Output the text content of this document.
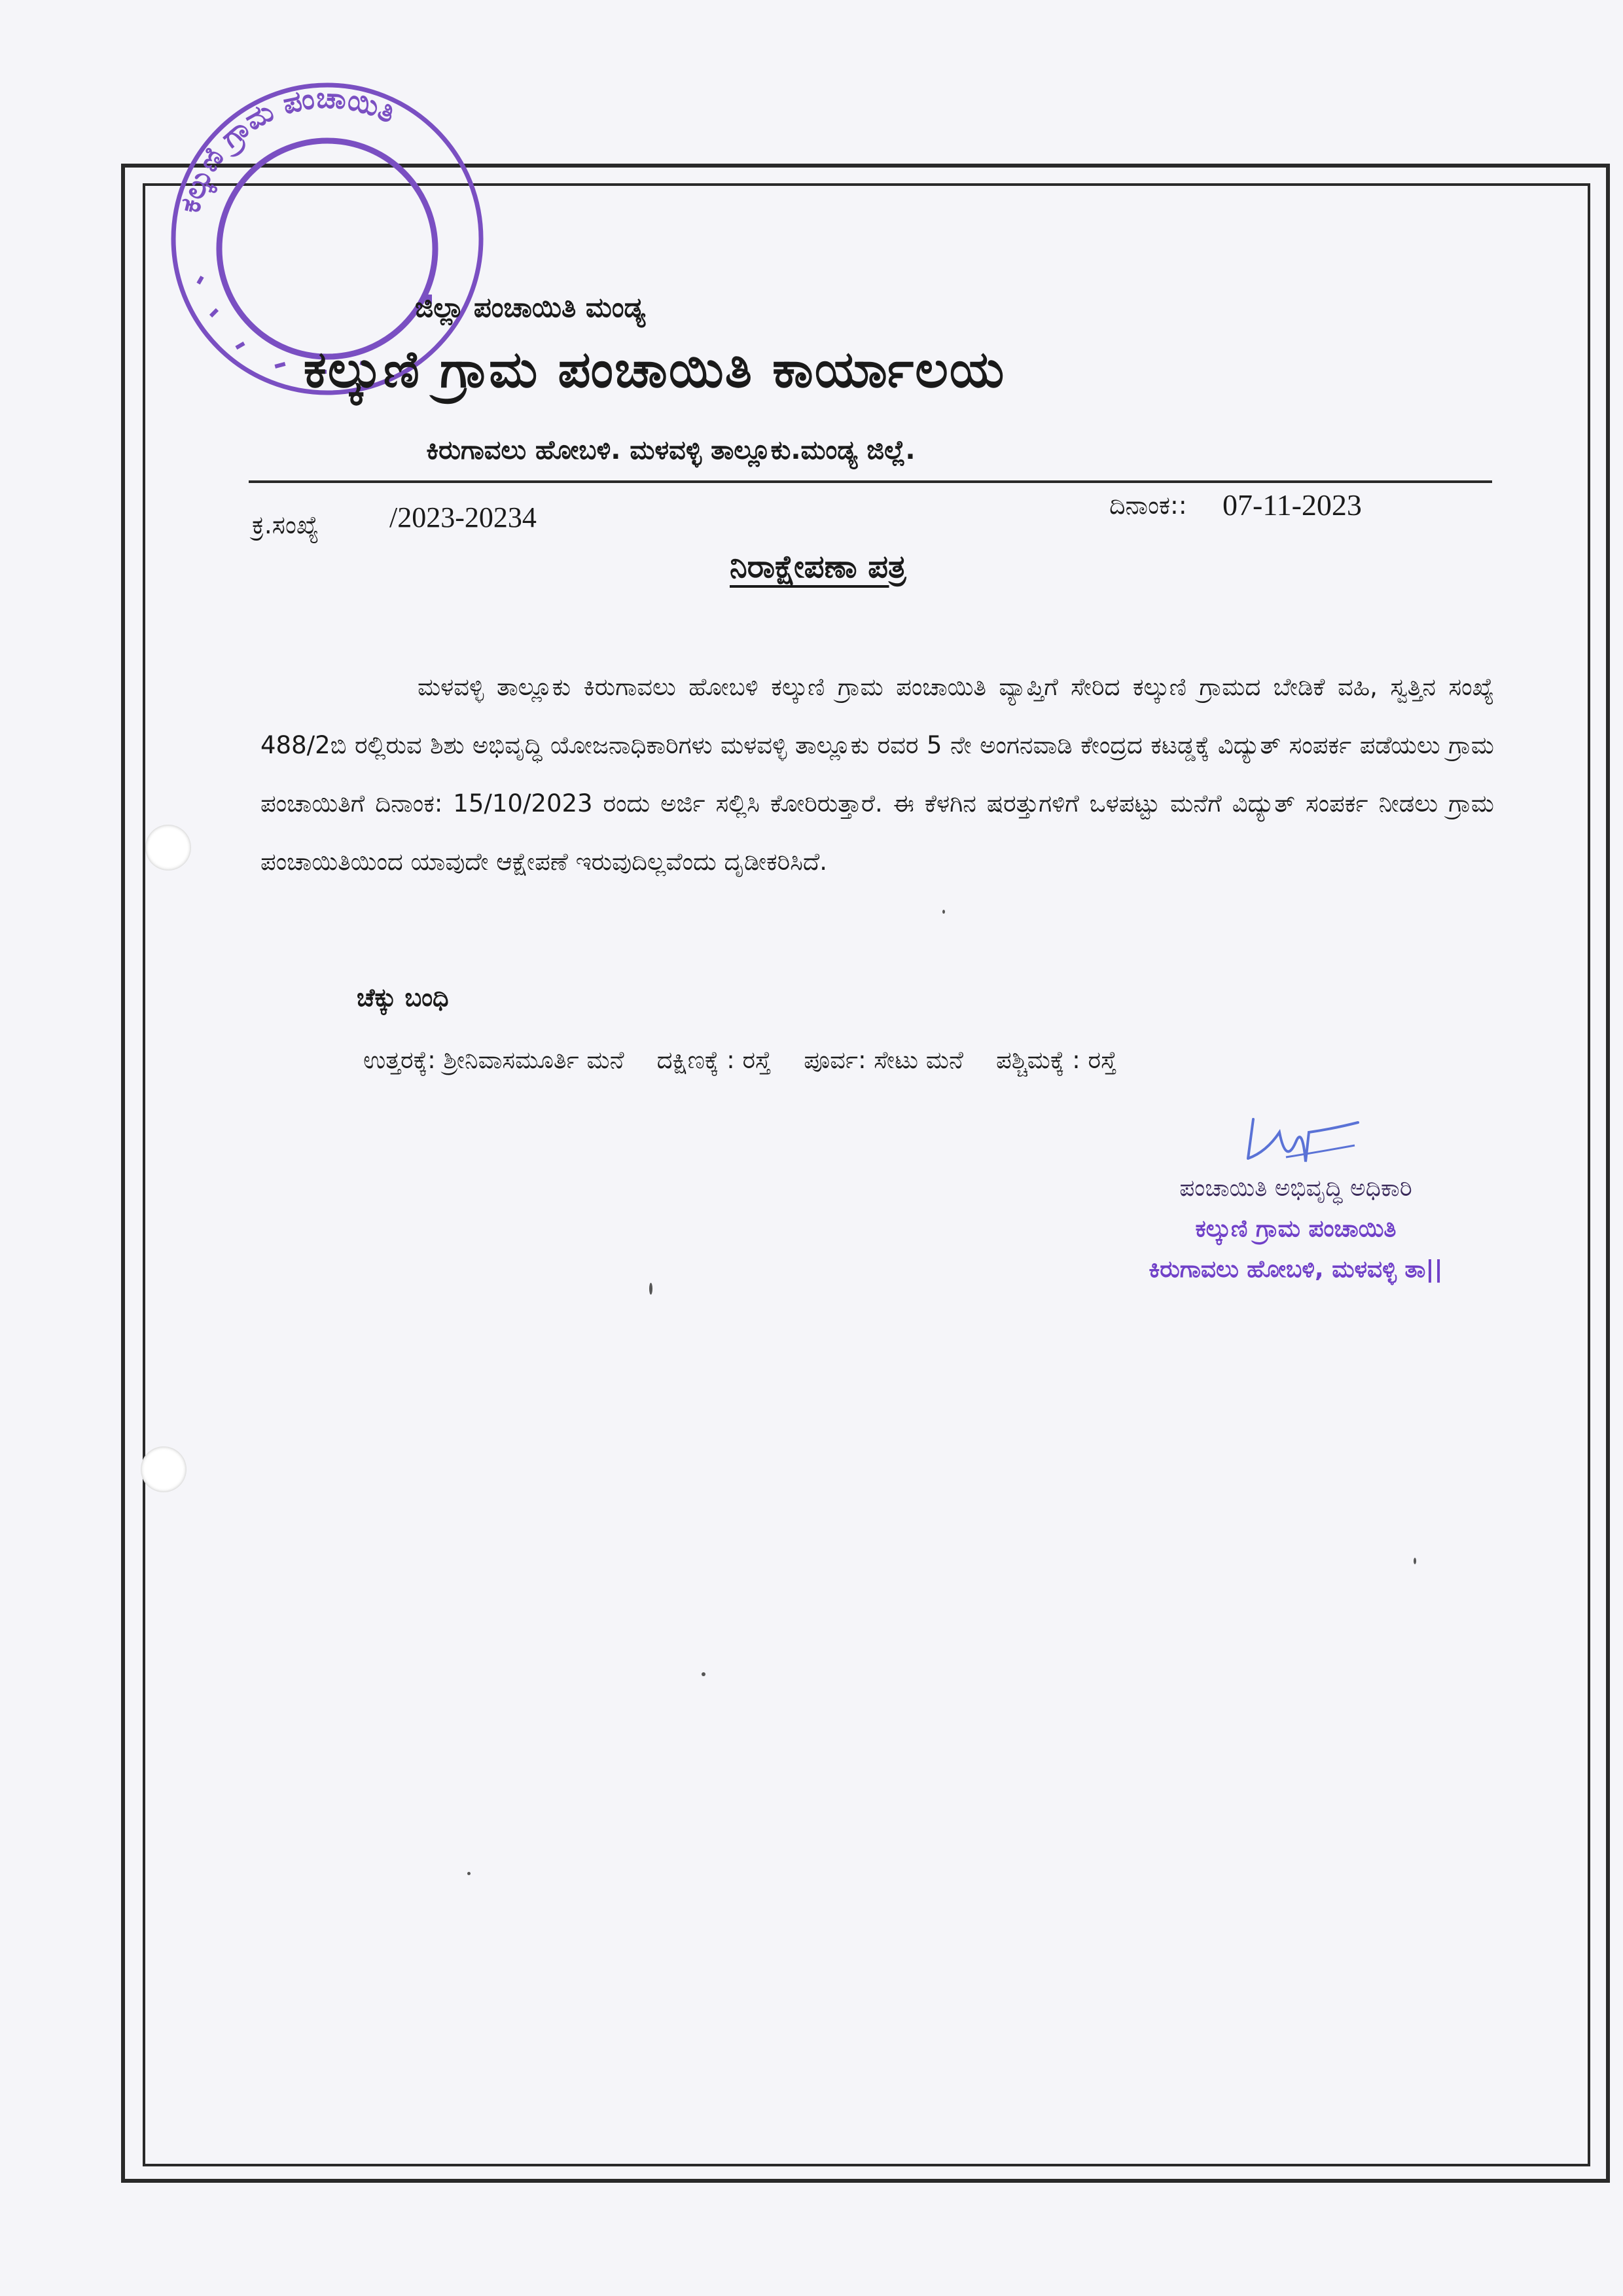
ಕಲ್ಕುಣಿ ಗ್ರಾಮ ಪಂಚಾಯಿತಿ
ಜಿಲ್ಲಾ ಪಂಚಾಯಿತಿ ಮಂಡ್ಯ
ಕಲ್ಕುಣಿ ಗ್ರಾಮ ಪಂಚಾಯಿತಿ ಕಾರ್ಯಾಲಯ
ಕಿರುಗಾವಲು ಹೋಬಳಿ. ಮಳವಳ್ಳಿ ತಾಲ್ಲೂಕು.ಮಂಡ್ಯ ಜಿಲ್ಲೆ.
ಕ್ರ.ಸಂಖ್ಯೆ /2023-20234	ದಿನಾಂಕ:: 07-11-2023
ನಿರಾಕ್ಷೇಪಣಾ ಪತ್ರ
ಮಳವಳ್ಳಿ ತಾಲ್ಲೂಕು ಕಿರುಗಾವಲು ಹೋಬಳಿ ಕಲ್ಕುಣಿ ಗ್ರಾಮ ಪಂಚಾಯಿತಿ ವ್ಯಾಪ್ತಿಗೆ ಸೇರಿದ ಕಲ್ಕುಣಿ ಗ್ರಾಮದ ಬೇಡಿಕೆ ವಹಿ, ಸ್ವತ್ತಿನ ಸಂಖ್ಯೆ 488/2ಬಿ ರಲ್ಲಿರುವ ಶಿಶು ಅಭಿವೃದ್ಧಿ ಯೋಜನಾಧಿಕಾರಿಗಳು ಮಳವಳ್ಳಿ ತಾಲ್ಲೂಕು ರವರ 5 ನೇ ಅಂಗನವಾಡಿ ಕೇಂದ್ರದ ಕಟಡ್ಡಕ್ಕೆ ವಿದ್ಯುತ್ ಸಂಪರ್ಕ ಪಡೆಯಲು ಗ್ರಾಮ ಪಂಚಾಯಿತಿಗೆ ದಿನಾಂಕ: 15/10/2023 ರಂದು ಅರ್ಜಿ ಸಲ್ಲಿಸಿ ಕೋರಿರುತ್ತಾರೆ. ಈ ಕೆಳಗಿನ ಷರತ್ತುಗಳಿಗೆ ಒಳಪಟ್ಟು ಮನೆಗೆ ವಿದ್ಯುತ್ ಸಂಪರ್ಕ ನೀಡಲು ಗ್ರಾಮ ಪಂಚಾಯಿತಿಯಿಂದ ಯಾವುದೇ ಆಕ್ಷೇಪಣೆ ಇರುವುದಿಲ್ಲವೆಂದು ದೃಡೀಕರಿಸಿದೆ.
ಚೆಕ್ಕು ಬಂಧಿ
ಉತ್ತರಕ್ಕೆ: ಶ್ರೀನಿವಾಸಮೂರ್ತಿ ಮನೆ ದಕ್ಷಿಣಕ್ಕೆ : ರಸ್ತೆ ಪೂರ್ವ: ಸೇಟು ಮನೆ ಪಶ್ಚಿಮಕ್ಕೆ : ರಸ್ತೆ
ಪಂಚಾಯಿತಿ ಅಭಿವೃದ್ಧಿ ಅಧಿಕಾರಿ
ಕಲ್ಕುಣಿ ಗ್ರಾಮ ಪಂಚಾಯಿತಿ
ಕಿರುಗಾವಲು ಹೋಬಳಿ, ಮಳವಳ್ಳಿ ತಾ||
